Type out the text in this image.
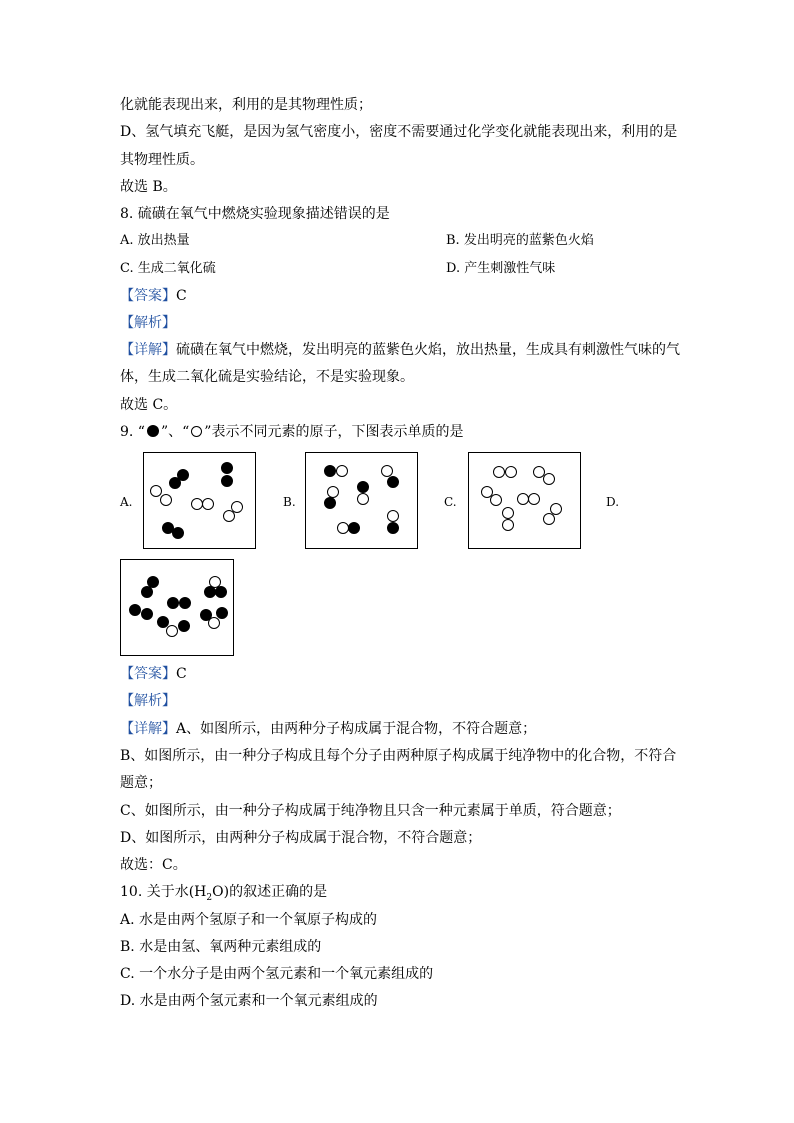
化就能表现出来，利用的是其物理性质；
D、氢气填充飞艇，是因为氢气密度小，密度不需要通过化学变化就能表现出来，利用的是
其物理性质。
故选 B。
8. 硫磺在氧气中燃烧实验现象描述错误的是
A. 放出热量	B. 发出明亮的蓝紫色火焰
C. 生成二氧化硫	D. 产生刺激性气味
【答案】C
【解析】
【详解】硫磺在氧气中燃烧，发出明亮的蓝紫色火焰，放出热量，生成具有刺激性气味的气
体，生成二氧化硫是实验结论，不是实验现象。
故选 C。
9. “ ”、“ ”表示不同元素的原子，下图表示单质的是
A.	B.	C.	D.
【答案】C
【解析】
【详解】A、如图所示，由两种分子构成属于混合物，不符合题意；
B、如图所示，由一种分子构成且每个分子由两种原子构成属于纯净物中的化合物，不符合
题意；
C、如图所示，由一种分子构成属于纯净物且只含一种元素属于单质，符合题意；
D、如图所示，由两种分子构成属于混合物，不符合题意；
故选：C。
10. 关于水$(H_2O)$的叙述正确的是
A. 水是由两个氢原子和一个氧原子构成的
B. 水是由氢、氧两种元素组成的
C. 一个水分子是由两个氢元素和一个氧元素组成的
D. 水是由两个氢元素和一个氧元素组成的
